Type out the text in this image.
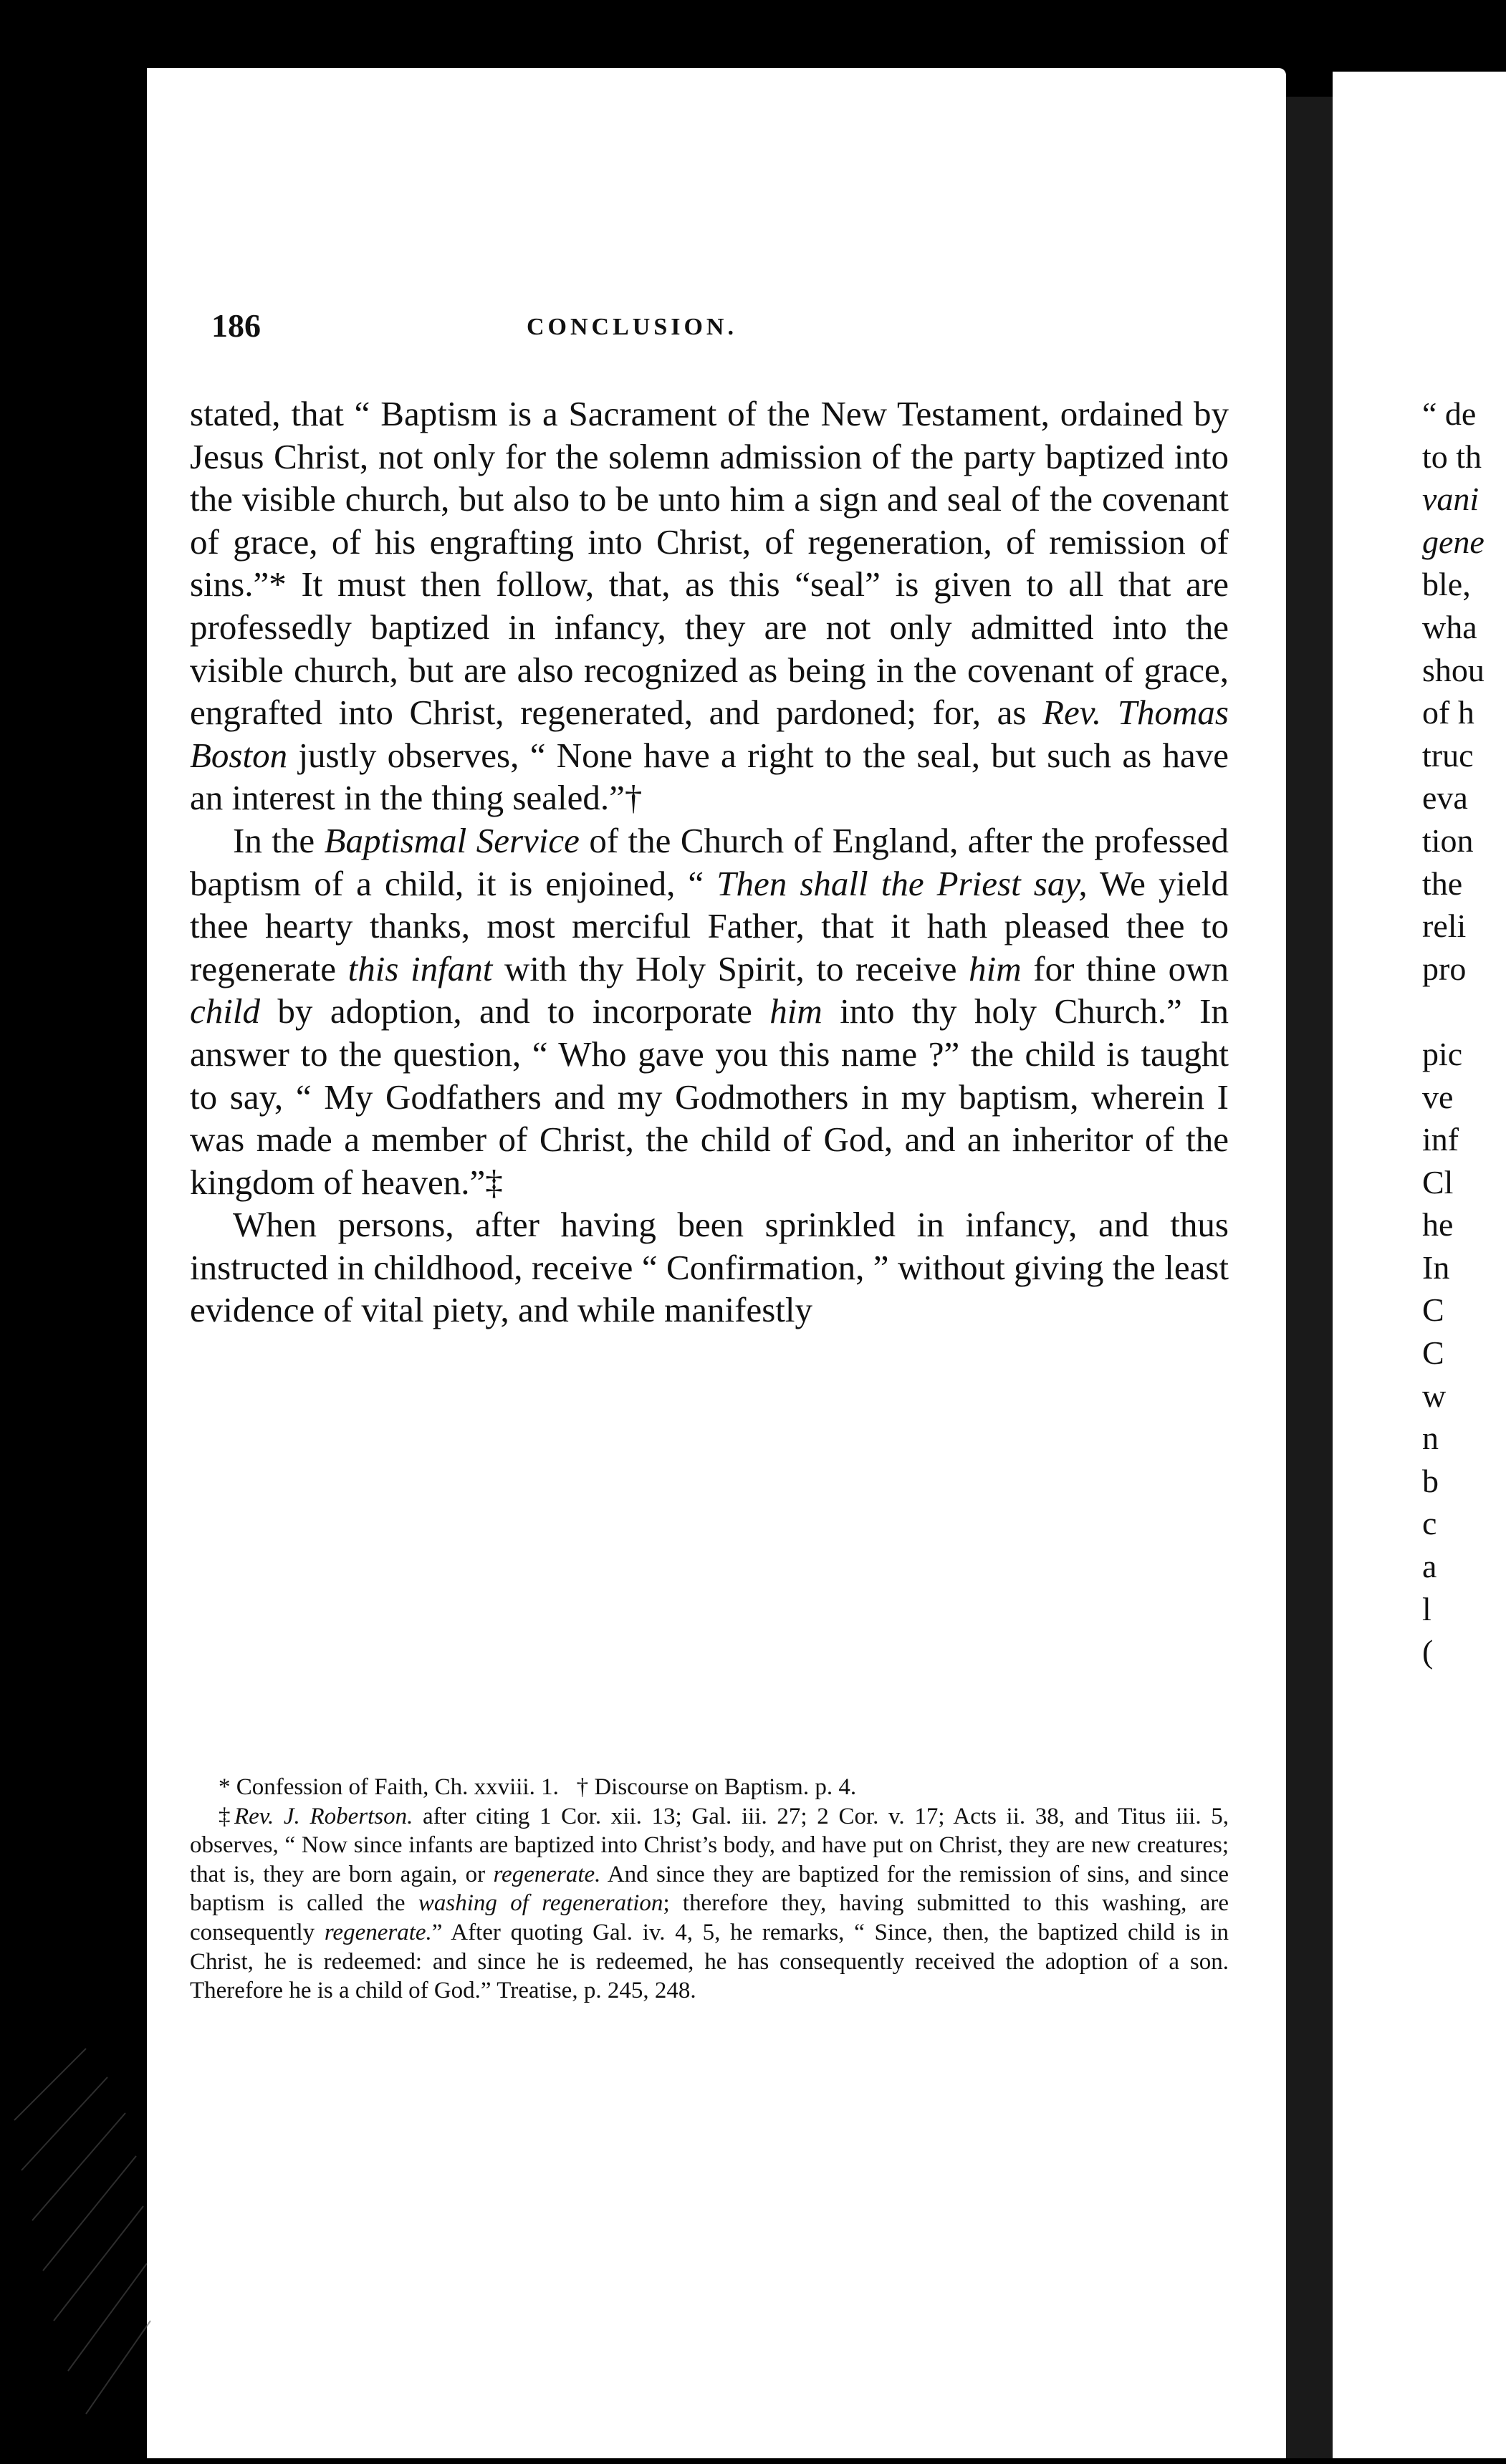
186	CONCLUSION.

stated, that “ Baptism is a Sacrament of the New Testament, ordained by Jesus Christ, not only for the solemn admission of the party baptized into the visible church, but also to be unto him a sign and seal of the covenant of grace, of his engrafting into Christ, of regeneration, of remission of sins.”* It must then follow, that, as this “seal” is given to all that are professedly baptized in infancy, they are not only admitted into the visible church, but are also recognized as being in the covenant of grace, engrafted into Christ, regenerated, and pardoned; for, as Rev. Thomas Boston justly observes, “ None have a right to the seal, but such as have an interest in the thing sealed.”†

In the Baptismal Service of the Church of England, after the professed baptism of a child, it is enjoined, “ Then shall the Priest say, We yield thee hearty thanks, most merciful Father, that it hath pleased thee to regenerate this infant with thy Holy Spirit, to receive him for thine own child by adoption, and to incorporate him into thy holy Church.” In answer to the question, “ Who gave you this name ?” the child is taught to say, “ My Godfathers and my Godmothers in my baptism, wherein I was made a member of Christ, the child of God, and an inheritor of the kingdom of heaven.”‡

When persons, after having been sprinkled in infancy, and thus instructed in childhood, receive “ Confirmation, ” without giving the least evidence of vital piety, and while manifestly

* Confession of Faith, Ch. xxviii. 1. † Discourse on Baptism. p. 4.

‡Rev. J. Robertson. after citing 1 Cor. xii. 13; Gal. iii. 27; 2 Cor. v. 17; Acts ii. 38, and Titus iii. 5, observes, “ Now since infants are baptized into Christ’s body, and have put on Christ, they are new creatures; that is, they are born again, or regenerate. And since they are baptized for the remission of sins, and since baptism is called the washing of regeneration; therefore they, having submitted to this washing, are consequently regenerate.” After quoting Gal. iv. 4, 5, he remarks, “ Since, then, the baptized child is in Christ, he is redeemed: and since he is redeemed, he has consequently received the adoption of a son. Therefore he is a child of God.” Treatise, p. 245, 248.

“ de
to th
vani
gene
ble,
wha
shou
of h
truc
eva
tion
the
reli
pro
pic
ve
inf
Cl
he
In
C
C
w
n
b
c
a
l
(
